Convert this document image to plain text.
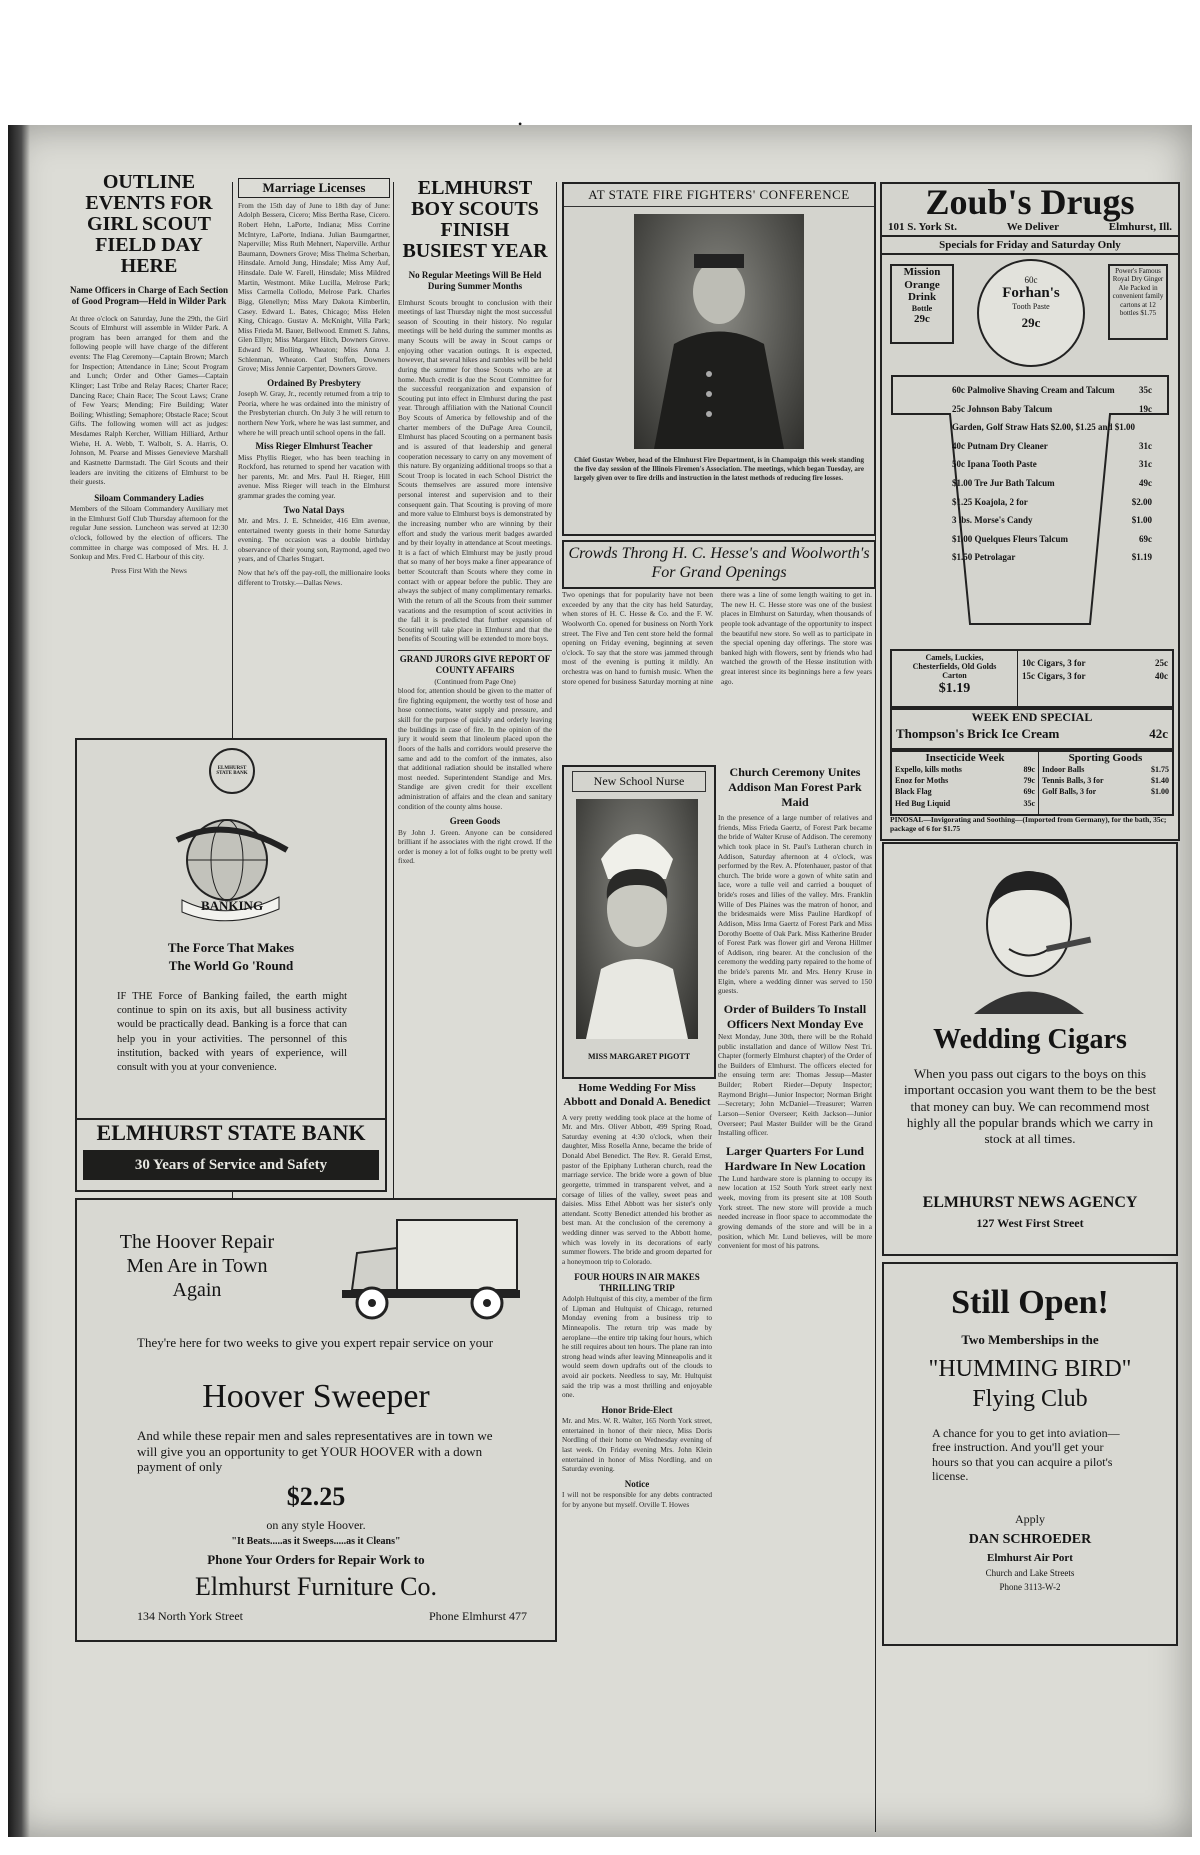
•
OUTLINE EVENTS FOR GIRL SCOUT FIELD DAY HERE
Name Officers in Charge of Each Section of Good Program—Held in Wilder Park
At three o'clock on Saturday, June the 29th, the Girl Scouts of Elmhurst will assemble in Wilder Park. A program has been arranged for them and the following people will have charge of the different events: The Flag Ceremony—Captain Brown; March for Inspection; Attendance in Line; Scout Program and Lunch; Order and Other Games—Captain Klinger; Last Tribe and Relay Races; Charter Race; Dancing Race; Chain Race; The Scout Laws; Crane of Few Years; Mending; Fire Building; Water Boiling; Whistling; Semaphore; Obstacle Race; Scout Gifts. The following women will act as judges: Mesdames Ralph Kercher, William Hilliard, Arthur Wiehe, H. A. Webb, T. Walbolt, S. A. Harris, O. Johnson, M. Pearse and Misses Genevieve Marshall and Kastnette Darmstadt. The Girl Scouts and their leaders are inviting the citizens of Elmhurst to be their guests.
Siloam Commandery Ladies
Members of the Siloam Commandery Auxiliary met in the Elmhurst Golf Club Thursday afternoon for the regular June session. Luncheon was served at 12:30 o'clock, followed by the election of officers. The committee in charge was composed of Mrs. H. J. Sonkup and Mrs. Fred C. Harbour of this city.
Press First With the News
Marriage Licenses
From the 15th day of June to 18th day of June: Adolph Bessera, Cicero; Miss Bertha Rase, Cicero. Robert Hehn, LaPorte, Indiana; Miss Corrine McIntyre, LaPorte, Indiana. Julian Baumgartner, Naperville; Miss Ruth Mehnert, Naperville. Arthur Baumann, Downers Grove; Miss Thelma Scherban, Hinsdale. Arnold Jung, Hinsdale; Miss Amy Auf, Hinsdale. Dale W. Farell, Hinsdale; Miss Mildred Martin, Westmont. Mike Lucilla, Melrose Park; Miss Carmella Collodo, Melrose Park. Charles Bigg, Glenellyn; Miss Mary Dakota Kimberlin, Casey. Edward L. Bates, Chicago; Miss Helen King, Chicago. Gustav A. McKnight, Villa Park; Miss Frieda M. Bauer, Bellwood. Emmett S. Jahns, Glen Ellyn; Miss Margaret Hitch, Downers Grove. Edward N. Bolling, Wheaton; Miss Anna J. Schlenman, Wheaton. Carl Stoffen, Downers Grove; Miss Jennie Carpenter, Downers Grove.
Ordained By Presbytery
Joseph W. Gray, Jr., recently returned from a trip to Peoria, where he was ordained into the ministry of the Presbyterian church. On July 3 he will return to northern New York, where he was last summer, and where he will preach until school opens in the fall.
Miss Rieger Elmhurst Teacher
Miss Phyllis Rieger, who has been teaching in Rockford, has returned to spend her vacation with her parents, Mr. and Mrs. Paul H. Rieger, Hill avenue. Miss Rieger will teach in the Elmhurst grammar grades the coming year.
Two Natal Days
Mr. and Mrs. J. E. Schneider, 416 Elm avenue, entertained twenty guests in their home Saturday evening. The occasion was a double birthday observance of their young son, Raymond, aged two years, and of Charles Stugart.
Now that he's off the pay-roll, the millionaire looks different to Trotsky.—Dallas News.
ELMHURST BOY SCOUTS FINISH BUSIEST YEAR
No Regular Meetings Will Be Held During Summer Months
Elmhurst Scouts brought to conclusion with their meetings of last Thursday night the most successful season of Scouting in their history. No regular meetings will be held during the summer months as many Scouts will be away in Scout camps or enjoying other vacation outings. It is expected, however, that several hikes and rambles will be held during the summer for those Scouts who are at home. Much credit is due the Scout Committee for the successful reorganization and expansion of Scouting put into effect in Elmhurst during the past year. Through affiliation with the National Council Boy Scouts of America by fellowship and of the charter members of the DuPage Area Council, Elmhurst has placed Scouting on a permanent basis and is assured of that leadership and general cooperation necessary to carry on any movement of this nature. By organizing additional troops so that a Scout Troop is located in each School District the Scouts themselves are assured more intensive personal interest and supervision and to their consequent gain. That Scouting is proving of more and more value to Elmhurst boys is demonstrated by the increasing number who are winning by their effort and study the various merit badges awarded and by their loyalty in attendance at Scout meetings. It is a fact of which Elmhurst may be justly proud that so many of her boys make a finer appearance of better Scoutcraft than Scouts where they come in contact with or appear before the public. They are always the subject of many complimentary remarks. With the return of all the Scouts from their summer vacations and the resumption of scout activities in the fall it is predicted that further expansion of Scouting will take place in Elmhurst and that the benefits of Scouting will be extended to more boys.
GRAND JURORS GIVE REPORT OF COUNTY AFFAIRS
(Continued from Page One)
blood for, attention should be given to the matter of fire fighting equipment, the worthy test of hose and hose connections, water supply and pressure, and skill for the purpose of quickly and orderly leaving the buildings in case of fire. In the opinion of the jury it would seem that linoleum placed upon the floors of the halls and corridors would preserve the same and add to the comfort of the inmates, also that additional radiation should be installed where most needed. Superintendent Standige and Mrs. Standige are given credit for their excellent administration of affairs and the clean and sanitary condition of the county alms house.
Green Goods
By John J. Green. Anyone can be considered brilliant if he associates with the right crowd. If the order is money a lot of folks ought to be pretty well fixed.
AT STATE FIRE FIGHTERS' CONFERENCE
Chief Gustav Weber, head of the Elmhurst Fire Department, is in Champaign this week standing the five day session of the Illinois Firemen's Association. The meetings, which began Tuesday, are largely given over to fire drills and instruction in the latest methods of reducing fire losses.
Crowds Throng H. C. Hesse's and Woolworth's For Grand Openings
Two openings that for popularity have not been exceeded by any that the city has held Saturday, when stores of H. C. Hesse & Co. and the F. W. Woolworth Co. opened for business on North York street. The Five and Ten cent store held the formal opening on Friday evening, beginning at seven o'clock. To say that the store was jammed through most of the evening is putting it mildly. An orchestra was on hand to furnish music. When the store opened for business Saturday morning at nine there was a line of some length waiting to get in. The new H. C. Hesse store was one of the busiest places in Elmhurst on Saturday, when thousands of people took advantage of the opportunity to inspect the beautiful new store. So well as to participate in the special opening day offerings. The store was banked high with flowers, sent by friends who had watched the growth of the Hesse institution with great interest since its beginnings here a few years ago.
New School Nurse
MISS MARGARET PIGOTT
Home Wedding For Miss Abbott and Donald A. Benedict
A very pretty wedding took place at the home of Mr. and Mrs. Oliver Abbott, 499 Spring Road, Saturday evening at 4:30 o'clock, when their daughter, Miss Rosella Anne, became the bride of Donald Abel Benedict. The Rev. R. Gerald Ernst, pastor of the Epiphany Lutheran church, read the marriage service. The bride wore a gown of blue georgette, trimmed in transparent velvet, and a corsage of lilies of the valley, sweet peas and daisies. Miss Ethel Abbott was her sister's only attendant. Scotty Benedict attended his brother as best man. At the conclusion of the ceremony a wedding dinner was served to the Abbott home, which was lovely in its decorations of early summer flowers. The bride and groom departed for a honeymoon trip to Colorado.
FOUR HOURS IN AIR MAKES THRILLING TRIP
Adolph Hultquist of this city, a member of the firm of Lipman and Hultquist of Chicago, returned Monday evening from a business trip to Minneapolis. The return trip was made by aeroplane—the entire trip taking four hours, which he still requires about ten hours. The plane ran into strong head winds after leaving Minneapolis and it would seem down updrafts out of the clouds to avoid air pockets. Needless to say, Mr. Hultquist said the trip was a most thrilling and enjoyable one.
Honor Bride-Elect
Mr. and Mrs. W. R. Walter, 165 North York street, entertained in honor of their niece, Miss Doris Nordling of their home on Wednesday evening of last week. On Friday evening Mrs. John Klein entertained in honor of Miss Nordling, and on Saturday evening.
Notice
I will not be responsible for any debts contracted for by anyone but myself. Orville T. Howes
Church Ceremony Unites Addison Man Forest Park Maid
In the presence of a large number of relatives and friends, Miss Frieda Gaertz, of Forest Park became the bride of Walter Kruse of Addison. The ceremony which took place in St. Paul's Lutheran church in Addison, Saturday afternoon at 4 o'clock, was performed by the Rev. A. Pfotenhauer, pastor of that church. The bride wore a gown of white satin and lace, wore a tulle veil and carried a bouquet of bride's roses and lilies of the valley. Mrs. Franklin Wille of Des Plaines was the matron of honor, and the bridesmaids were Miss Pauline Hardkopf of Addison, Miss Irma Gaertz of Forest Park and Miss Dorothy Boette of Oak Park. Miss Katherine Bruder of Forest Park was flower girl and Verona Hillmer of Addison, ring bearer. At the conclusion of the ceremony the wedding party repaired to the home of the bride's parents Mr. and Mrs. Henry Kruse in Elgin, where a wedding dinner was served to 150 guests.
Order of Builders To Install Officers Next Monday Eve
Next Monday, June 30th, there will be the Rohald public installation and dance of Willow Nest Tri. Chapter (formerly Elmhurst chapter) of the Order of the Builders of Elmhurst. The officers elected for the ensuing term are: Thomas Jessup—Master Builder; Robert Rieder—Deputy Inspector; Raymond Bright—Junior Inspector; Norman Bright—Secretary; John McDaniel—Treasurer; Warren Larson—Senior Overseer; Keith Jackson—Junior Overseer; Paul Master Builder will be the Grand Installing officer.
Larger Quarters For Lund Hardware In New Location
The Lund hardware store is planning to occupy its new location at 152 South York street early next week, moving from its present site at 108 South York street. The new store will provide a much needed increase in floor space to accommodate the growing demands of the store and will be in a position, which Mr. Lund believes, will be more convenient for most of his patrons.
Zoub's Drugs
101 S. York St.	We Deliver	Elmhurst, Ill.
Specials for Friday and Saturday Only
Mission
Orange
Drink
Bottle
29c
60c
Forhan's
Tooth Paste
29c
Power's Famous Royal Dry Ginger Ale Packed in convenient family cartons at 12 bottles $1.75
60c Palmolive Shaving Cream and Talcum	35c
25c Johnson Baby Talcum	19c
Garden, Golf Straw Hats $2.00, $1.25 and $1.00
40c Putnam Dry Cleaner	31c
50c Ipana Tooth Paste	31c
$1.00 Tre Jur Bath Talcum	49c
$1.25 Koajola, 2 for	$2.00
3 lbs. Morse's Candy	$1.00
$1.00 Quelques Fleurs Talcum	69c
$1.50 Petrolagar	$1.19
Camels, Luckies,
Chesterfields, Old Golds
Carton
$1.19
10c Cigars, 3 for	25c
15c Cigars, 3 for	40c
WEEK END SPECIAL
Thompson's Brick Ice Cream	42c
Insecticide Week
Expello, kills moths	89c
Enoz for Moths	79c
Black Flag	69c
Hed Bug Liquid	35c
Sporting Goods
Indoor Balls	$1.75
Tennis Balls, 3 for	$1.40
Golf Balls, 3 for	$1.00
PINOSAL—Invigorating and Soothing—(Imported from Germany), for the bath, 35c; package of 6 for $1.75
ELMHURST STATE BANK
BANKING
The Force That Makes
The World Go 'Round
IF THE Force of Banking failed, the earth might continue to spin on its axis, but all business activity would be practically dead. Banking is a force that can help you in your activities. The personnel of this institution, backed with years of experience, will consult with you at your convenience.
ELMHURST STATE BANK
30 Years of Service and Safety
The Hoover Repair
Men Are in Town
Again
They're here for two weeks to give you expert repair service on your
Hoover Sweeper
And while these repair men and sales representatives are in town we will give you an opportunity to get YOUR HOOVER with a down payment of only
$2.25
on any style Hoover.
"It Beats.....as it Sweeps.....as it Cleans"
Phone Your Orders for Repair Work to
Elmhurst Furniture Co.
134 North York Street	Phone Elmhurst 477
Wedding Cigars
When you pass out cigars to the boys on this important occasion you want them to be the best that money can buy. We can recommend most highly all the popular brands which we carry in stock at all times.
ELMHURST NEWS AGENCY
127 West First Street
Still Open!
Two Memberships in the
"HUMMING BIRD"
Flying Club
A chance for you to get into aviation—free instruction. And you'll get your hours so that you can acquire a pilot's license.
Apply
DAN SCHROEDER
Elmhurst Air Port
Church and Lake Streets
Phone 3113-W-2
